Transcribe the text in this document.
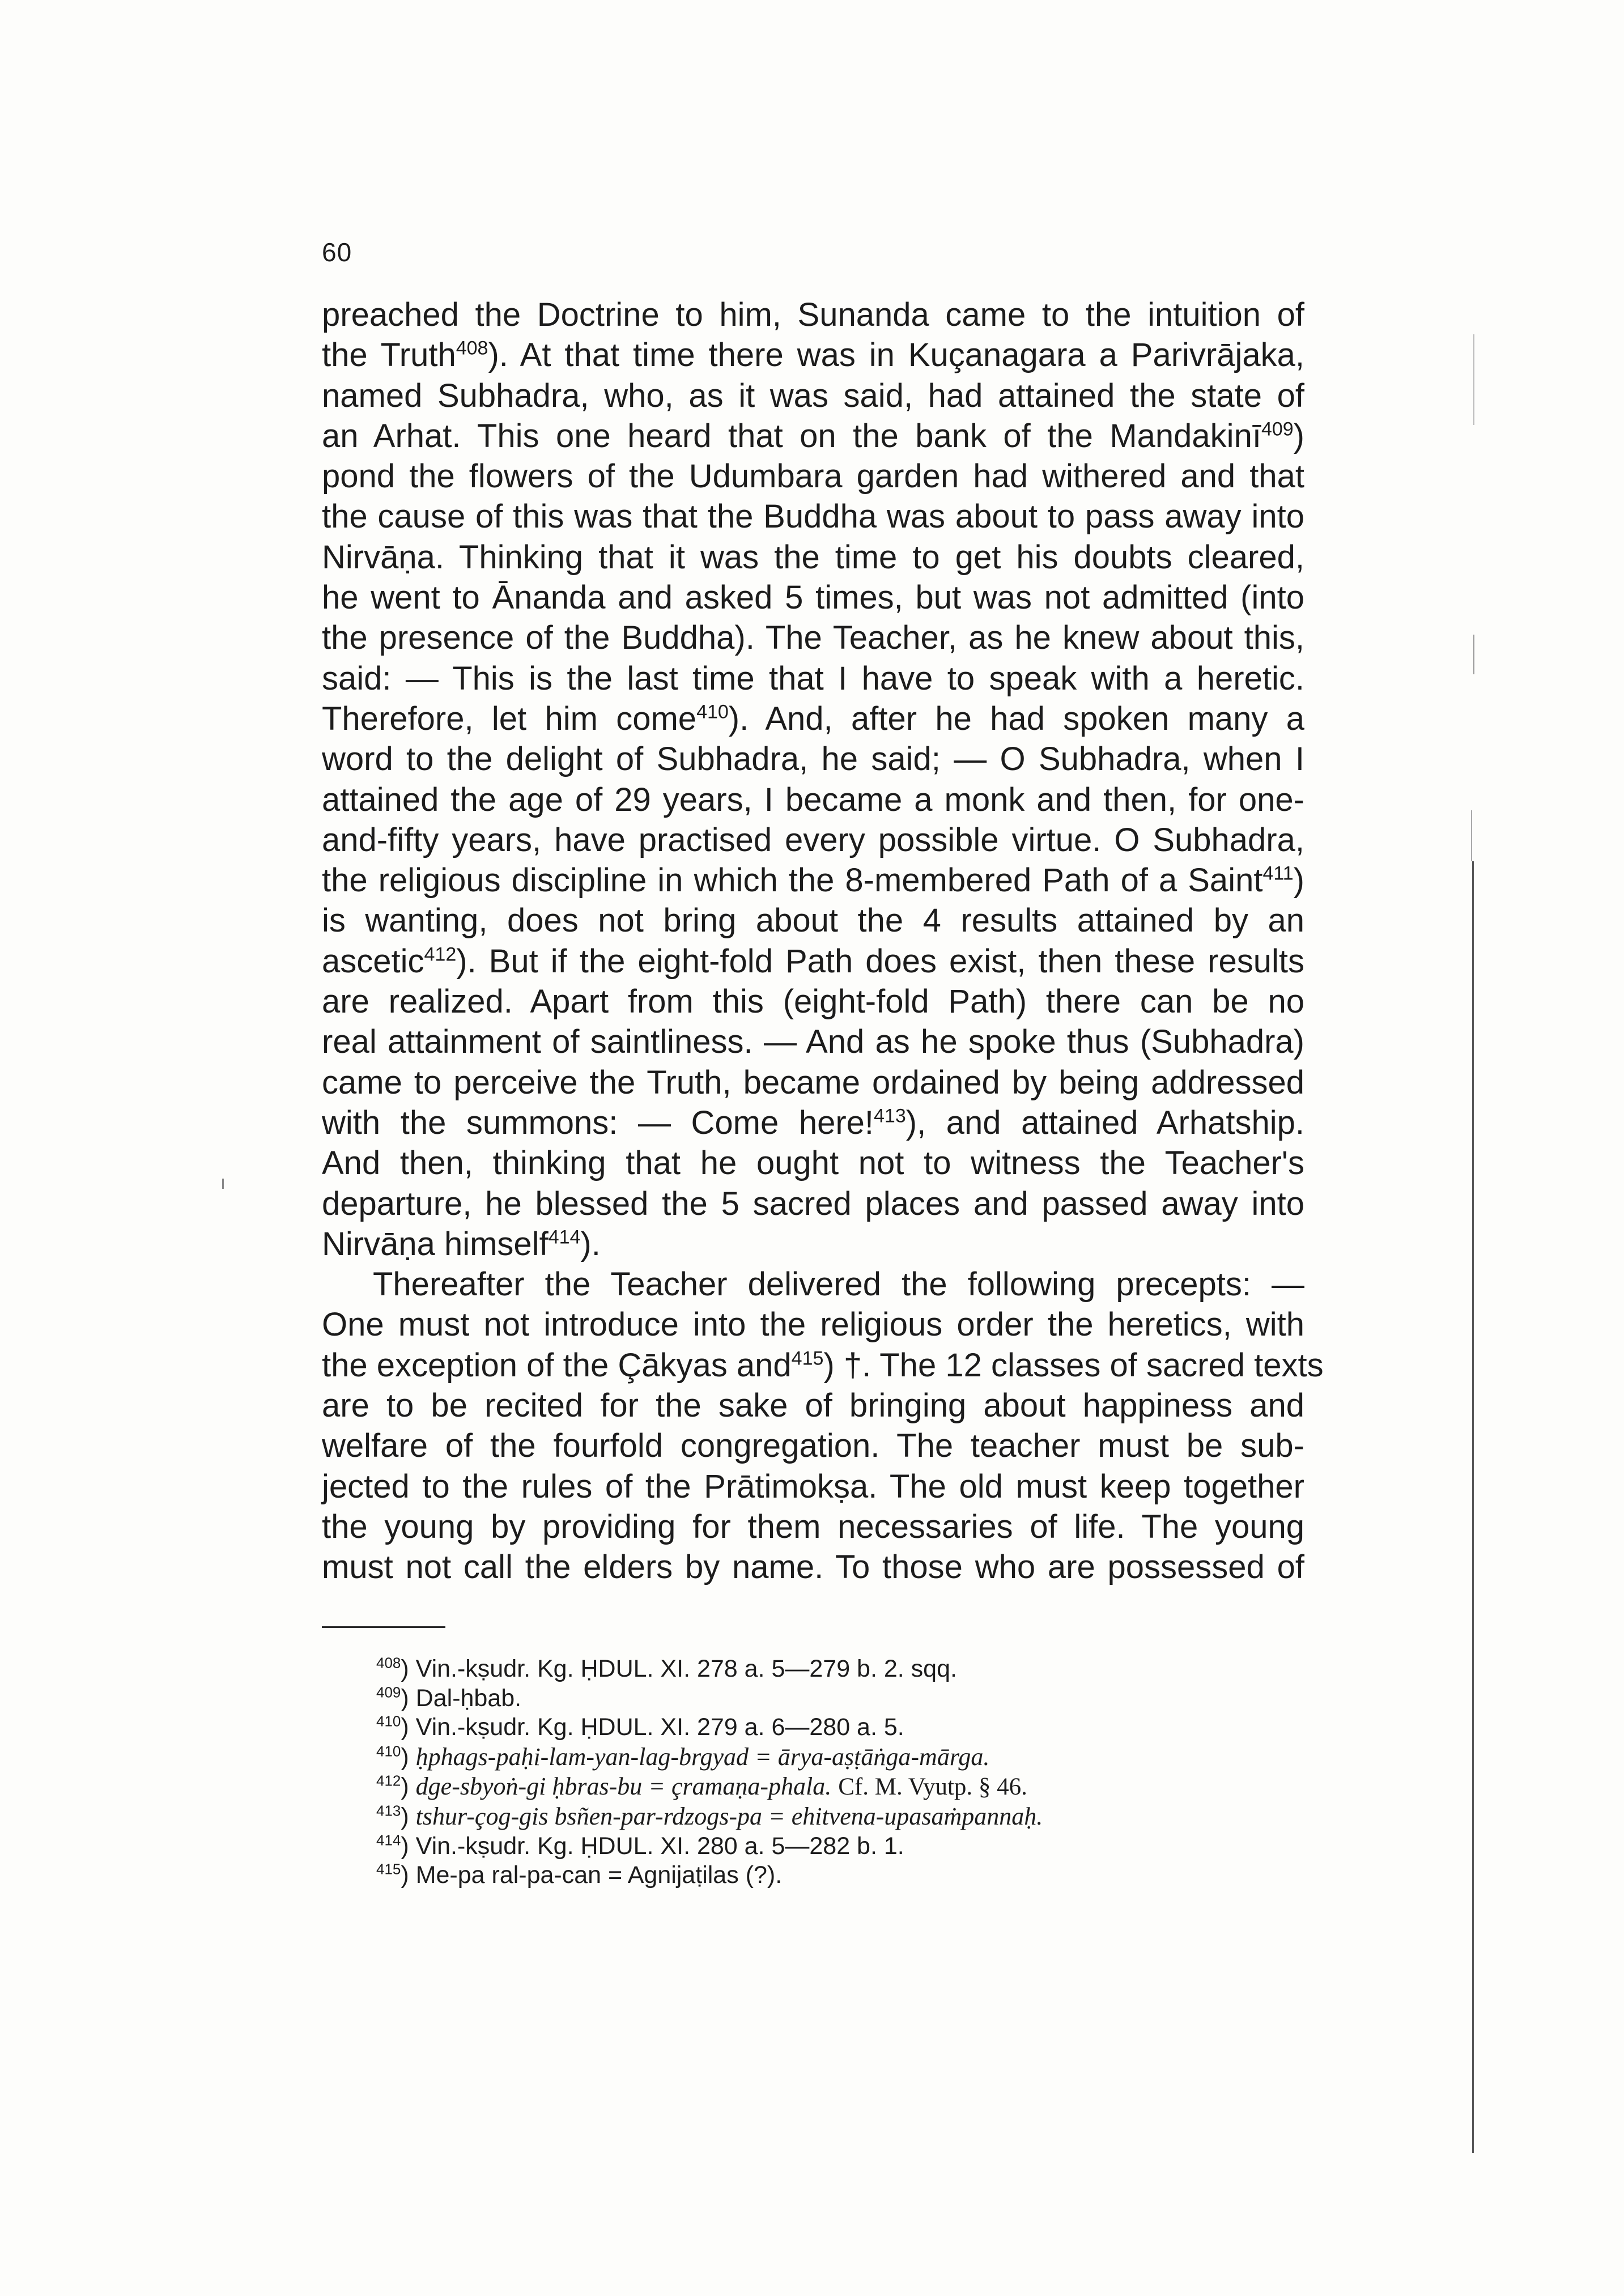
60
preached the Doctrine to him, Sunanda came to the intuition of
the Truth$^{408}$). At that time there was in Kuçanagara a Parivrājaka,
named Subhadra, who, as it was said, had attained the state of
an Arhat. This one heard that on the bank of the Mandakinī$^{409}$)
pond the flowers of the Udumbara garden had withered and that
the cause of this was that the Buddha was about to pass away into
Nirvāṇa. Thinking that it was the time to get his doubts cleared,
he went to Ānanda and asked 5 times, but was not admitted (into
the presence of the Buddha). The Teacher, as he knew about this,
said: — This is the last time that I have to speak with a heretic.
Therefore, let him come$^{410}$). And, after he had spoken many a
word to the delight of Subhadra, he said; — O Subhadra, when I
attained the age of 29 years, I became a monk and then, for one-
and-fifty years, have practised every possible virtue. O Subhadra,
the religious discipline in which the 8-membered Path of a Saint$^{411}$)
is wanting, does not bring about the 4 results attained by an
ascetic$^{412}$). But if the eight-fold Path does exist, then these results
are realized. Apart from this (eight-fold Path) there can be no
real attainment of saintliness. — And as he spoke thus (Subhadra)
came to perceive the Truth, became ordained by being addressed
with the summons: — Come here!$^{413}$), and attained Arhatship.
And then, thinking that he ought not to witness the Teacher's
departure, he blessed the 5 sacred places and passed away into
Nirvāṇa himself$^{414}$).
Thereafter the Teacher delivered the following precepts: —
One must not introduce into the religious order the heretics, with
the exception of the Çākyas and$^{415}$) †. The 12 classes of sacred texts
are to be recited for the sake of bringing about happiness and
welfare of the fourfold congregation. The teacher must be sub-
jected to the rules of the Prātimokṣa. The old must keep together
the young by providing for them necessaries of life. The young
must not call the elders by name. To those who are possessed of
$^{408}$) Vin.-kṣudr. Kg. ḤDUL. XI. 278 a. 5—279 b. 2. sqq.
$^{409}$) Dal-ḥbab.
$^{410}$) Vin.-kṣudr. Kg. ḤDUL. XI. 279 a. 6—280 a. 5.
$^{410}$) ḥphags-paḥi-lam-yan-lag-brgyad = ārya-aṣṭāṅga-mārga.
$^{412}$) dge-sbyoṅ-gi ḥbras-bu = çramaṇa-phala. Cf. M. Vyutp. § 46.
$^{413}$) tshur-çog-gis bsñen-par-rdzogs-pa = ehitvena-upasaṁpannaḥ.
$^{414}$) Vin.-kṣudr. Kg. ḤDUL. XI. 280 a. 5—282 b. 1.
$^{415}$) Me-pa ral-pa-can = Agnijaṭilas (?).
